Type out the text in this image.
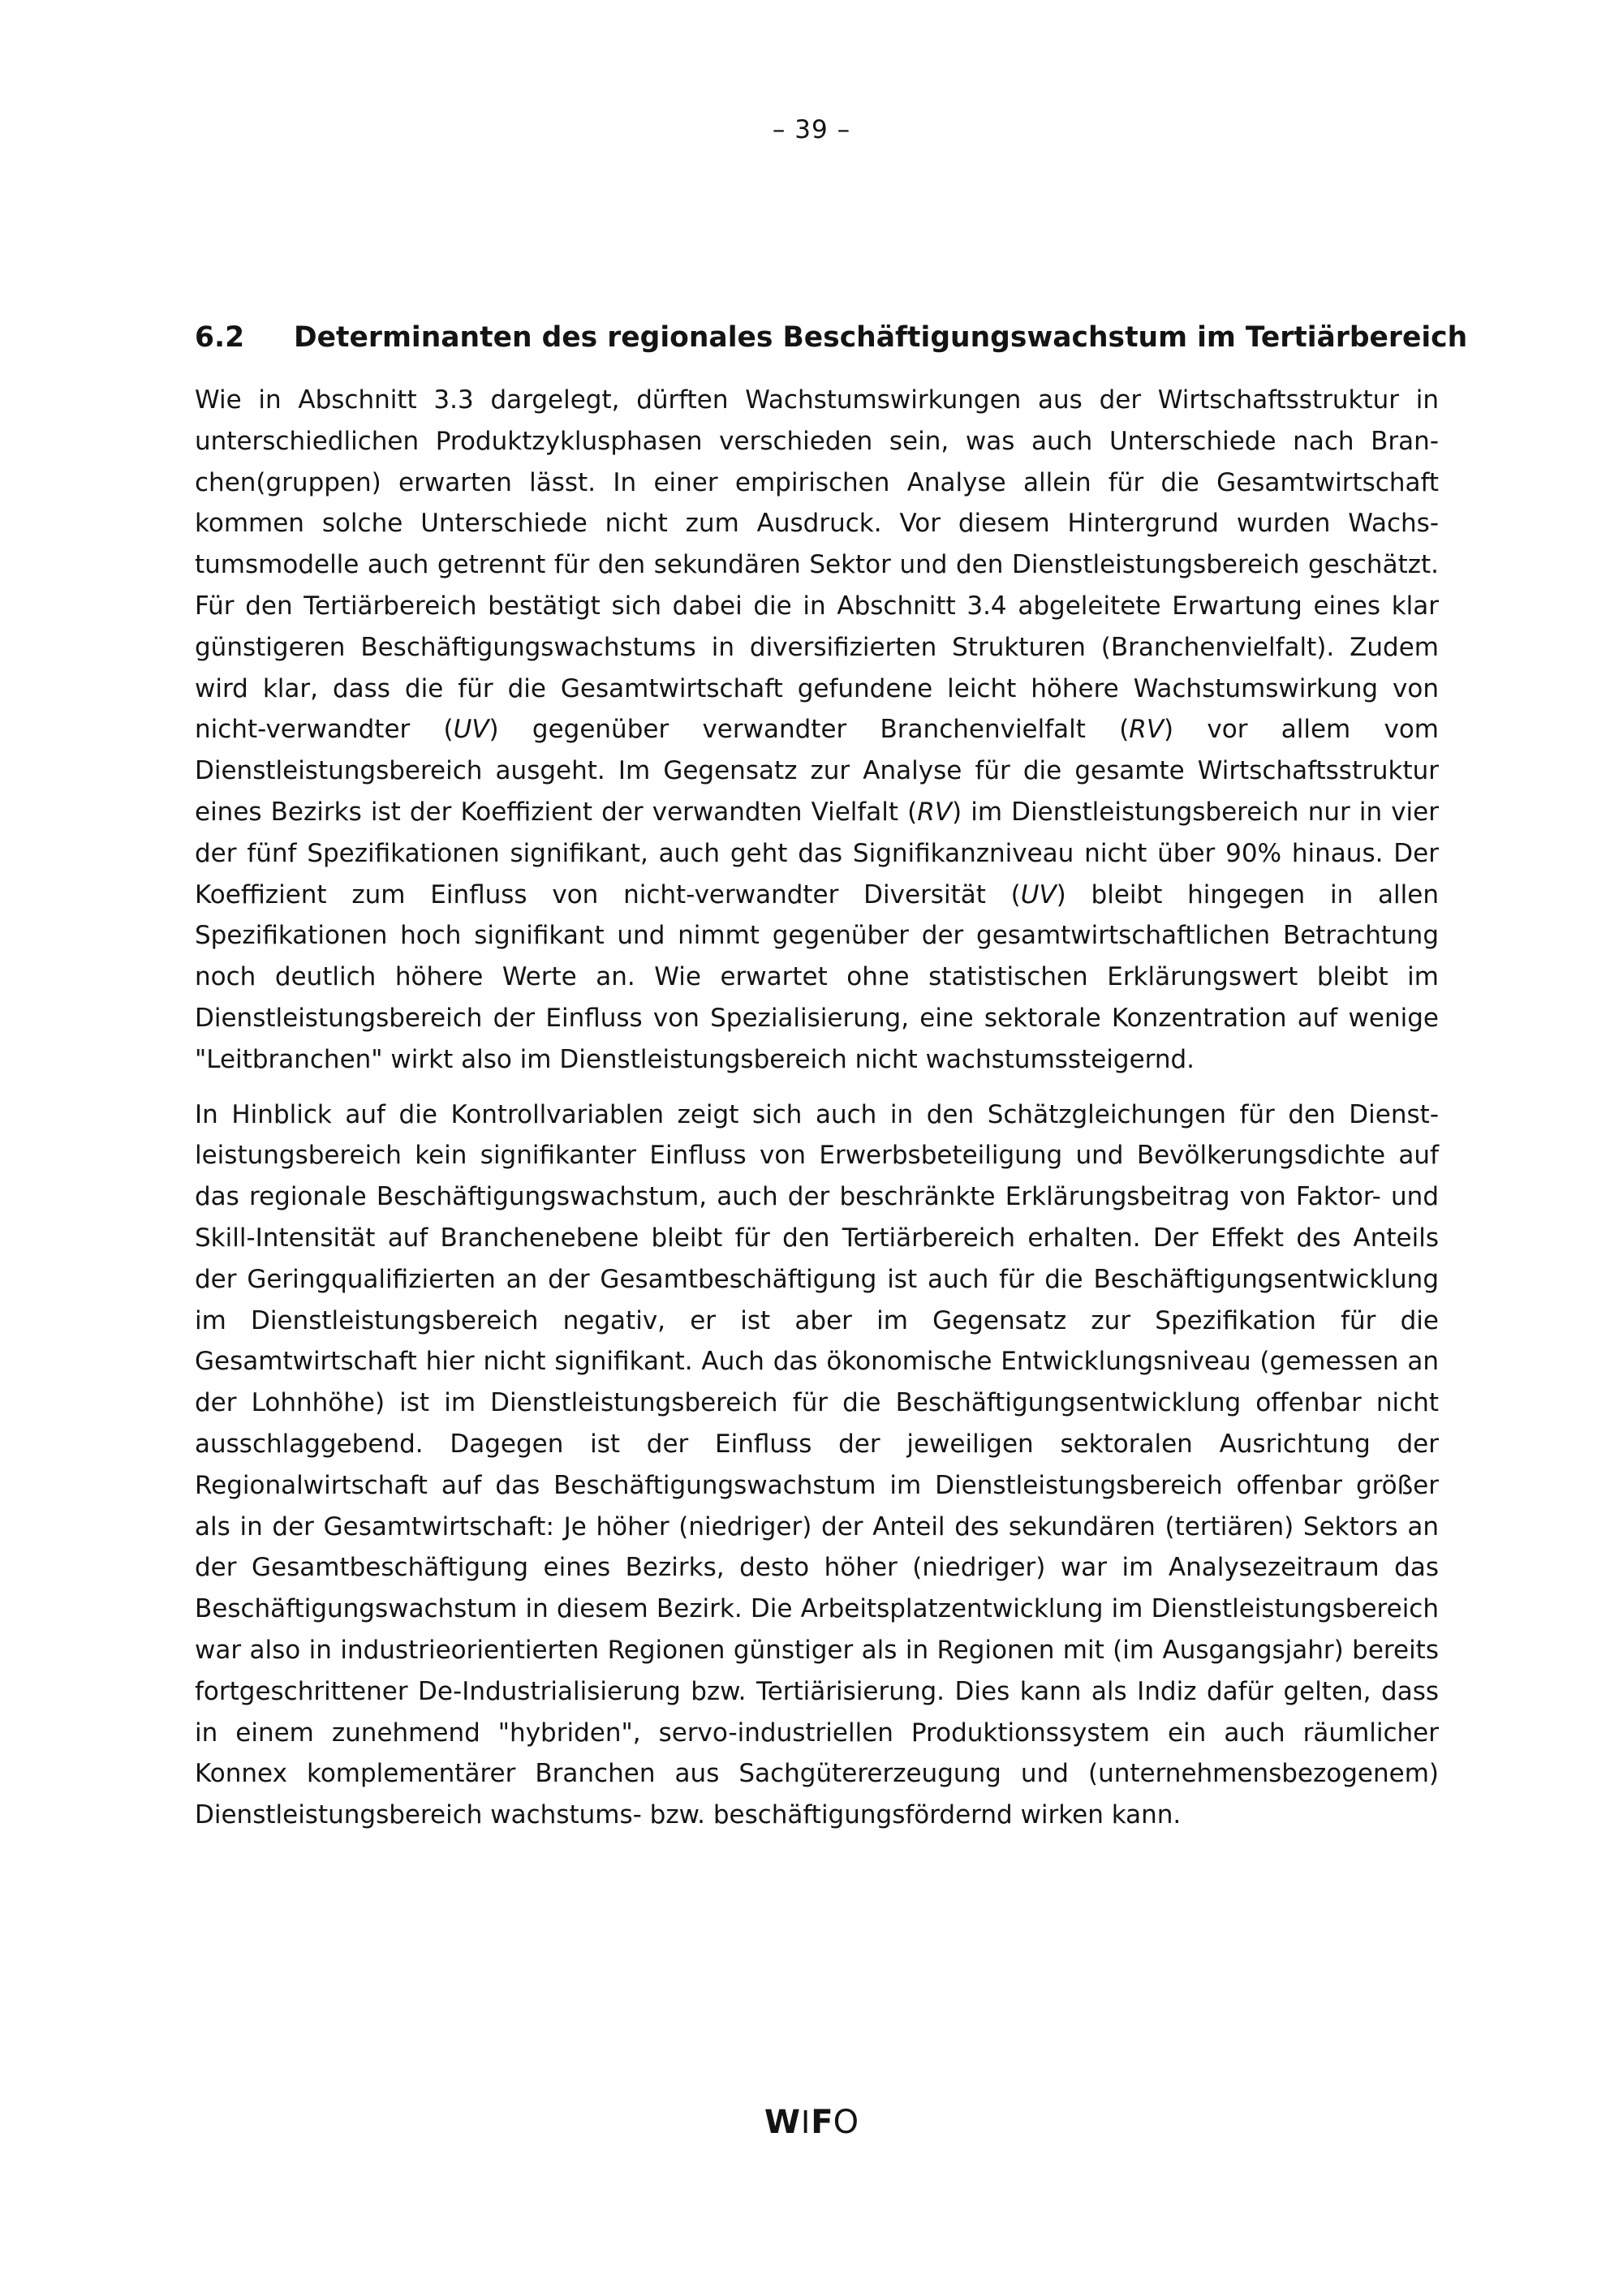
– 39 –
6.2 Determinanten des regionales Beschäftigungswachstum im Tertiärbereich

Wie in Abschnitt 3.3 dargelegt, dürften Wachstumswirkungen aus der Wirtschaftsstruktur in unterschiedlichen Produktzyklusphasen verschieden sein, was auch Unterschiede nach Branchen(gruppen) erwarten lässt. In einer empirischen Analyse allein für die Gesamtwirtschaft kommen solche Unterschiede nicht zum Ausdruck. Vor diesem Hintergrund wurden Wachstumsmodelle auch getrennt für den sekundären Sektor und den Dienstleistungsbereich geschätzt. Für den Tertiärbereich bestätigt sich dabei die in Abschnitt 3.4 abgeleitete Erwartung eines klar günstigeren Beschäftigungswachstums in diversifizierten Strukturen (Branchenvielfalt). Zudem wird klar, dass die für die Gesamtwirtschaft gefundene leicht höhere Wachstumswirkung von nicht-verwandter (UV) gegenüber verwandter Branchenvielfalt (RV) vor allem vom Dienstleistungsbereich ausgeht. Im Gegensatz zur Analyse für die gesamte Wirtschaftsstruktur eines Bezirks ist der Koeffizient der verwandten Vielfalt (RV) im Dienstleistungsbereich nur in vier der fünf Spezifikationen signifikant, auch geht das Signifikanzniveau nicht über 90% hinaus. Der Koeffizient zum Einfluss von nicht-verwandter Diversität (UV) bleibt hingegen in allen Spezifikationen hoch signifikant und nimmt gegenüber der gesamtwirtschaftlichen Betrachtung noch deutlich höhere Werte an. Wie erwartet ohne statistischen Erklärungswert bleibt im Dienstleistungsbereich der Einfluss von Spezialisierung, eine sektorale Konzentration auf wenige "Leitbranchen" wirkt also im Dienstleistungsbereich nicht wachstumssteigernd.

In Hinblick auf die Kontrollvariablen zeigt sich auch in den Schätzgleichungen für den Dienstleistungsbereich kein signifikanter Einfluss von Erwerbsbeteiligung und Bevölkerungsdichte auf das regionale Beschäftigungswachstum, auch der beschränkte Erklärungsbeitrag von Faktor- und Skill-Intensität auf Branchenebene bleibt für den Tertiärbereich erhalten. Der Effekt des Anteils der Geringqualifizierten an der Gesamtbeschäftigung ist auch für die Beschäftigungsentwicklung im Dienstleistungsbereich negativ, er ist aber im Gegensatz zur Spezifikation für die Gesamtwirtschaft hier nicht signifikant. Auch das ökonomische Entwicklungsniveau (gemessen an der Lohnhöhe) ist im Dienstleistungsbereich für die Beschäftigungsentwicklung offenbar nicht ausschlaggebend. Dagegen ist der Einfluss der jeweiligen sektoralen Ausrichtung der Regionalwirtschaft auf das Beschäftigungswachstum im Dienstleistungsbereich offenbar größer als in der Gesamtwirtschaft: Je höher (niedriger) der Anteil des sekundären (tertiären) Sektors an der Gesamtbeschäftigung eines Bezirks, desto höher (niedriger) war im Analysezeitraum das Beschäftigungswachstum in diesem Bezirk. Die Arbeitsplatzentwicklung im Dienstleistungsbereich war also in industrieorientierten Regionen günstiger als in Regionen mit (im Ausgangsjahr) bereits fortgeschrittener De-Industrialisierung bzw. Tertiärisierung. Dies kann als Indiz dafür gelten, dass in einem zunehmend "hybriden", servo-industriellen Produktionssystem ein auch räumlicher Konnex komplementärer Branchen aus Sachgütererzeugung und (unternehmensbezogenem) Dienstleistungsbereich wachstums- bzw. beschäftigungsfördernd wirken kann.

WIFO
